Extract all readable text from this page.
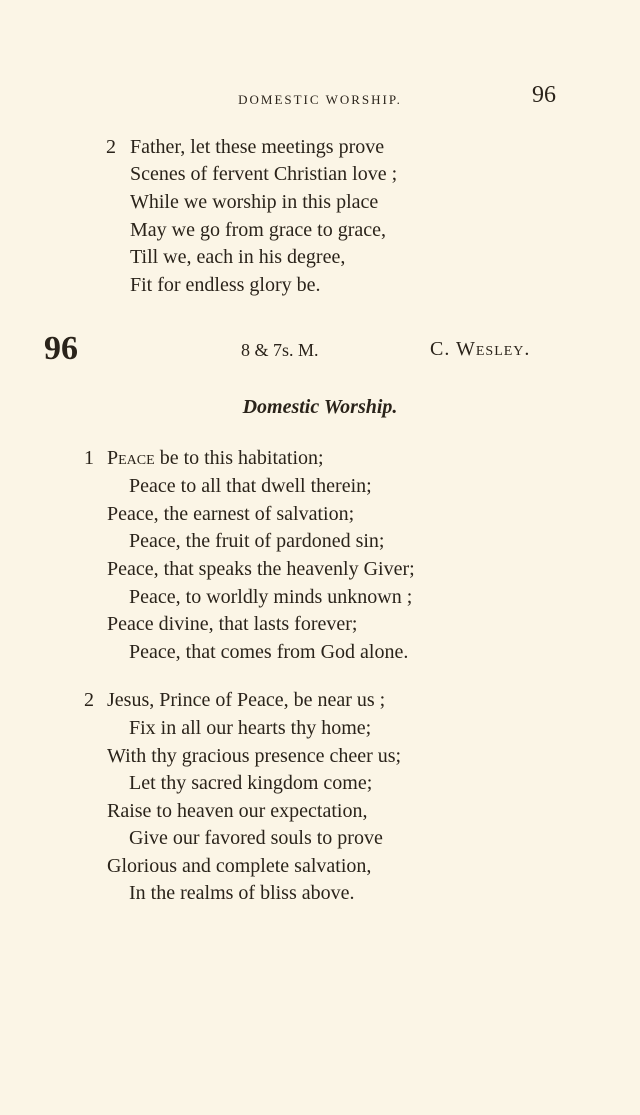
DOMESTIC WORSHIP.	96
2 Father, let these meetings prove
Scenes of fervent Christian love ;
While we worship in this place
May we go from grace to grace,
Till we, each in his degree,
Fit for endless glory be.
96	8 & 7s. M.	C. Wesley.
Domestic Worship.
1 Peace be to this habitation;
Peace to all that dwell therein;
Peace, the earnest of salvation;
Peace, the fruit of pardoned sin;
Peace, that speaks the heavenly Giver;
Peace, to worldly minds unknown ;
Peace divine, that lasts forever;
Peace, that comes from God alone.
2 Jesus, Prince of Peace, be near us ;
Fix in all our hearts thy home;
With thy gracious presence cheer us;
Let thy sacred kingdom come;
Raise to heaven our expectation,
Give our favored souls to prove
Glorious and complete salvation,
In the realms of bliss above.
